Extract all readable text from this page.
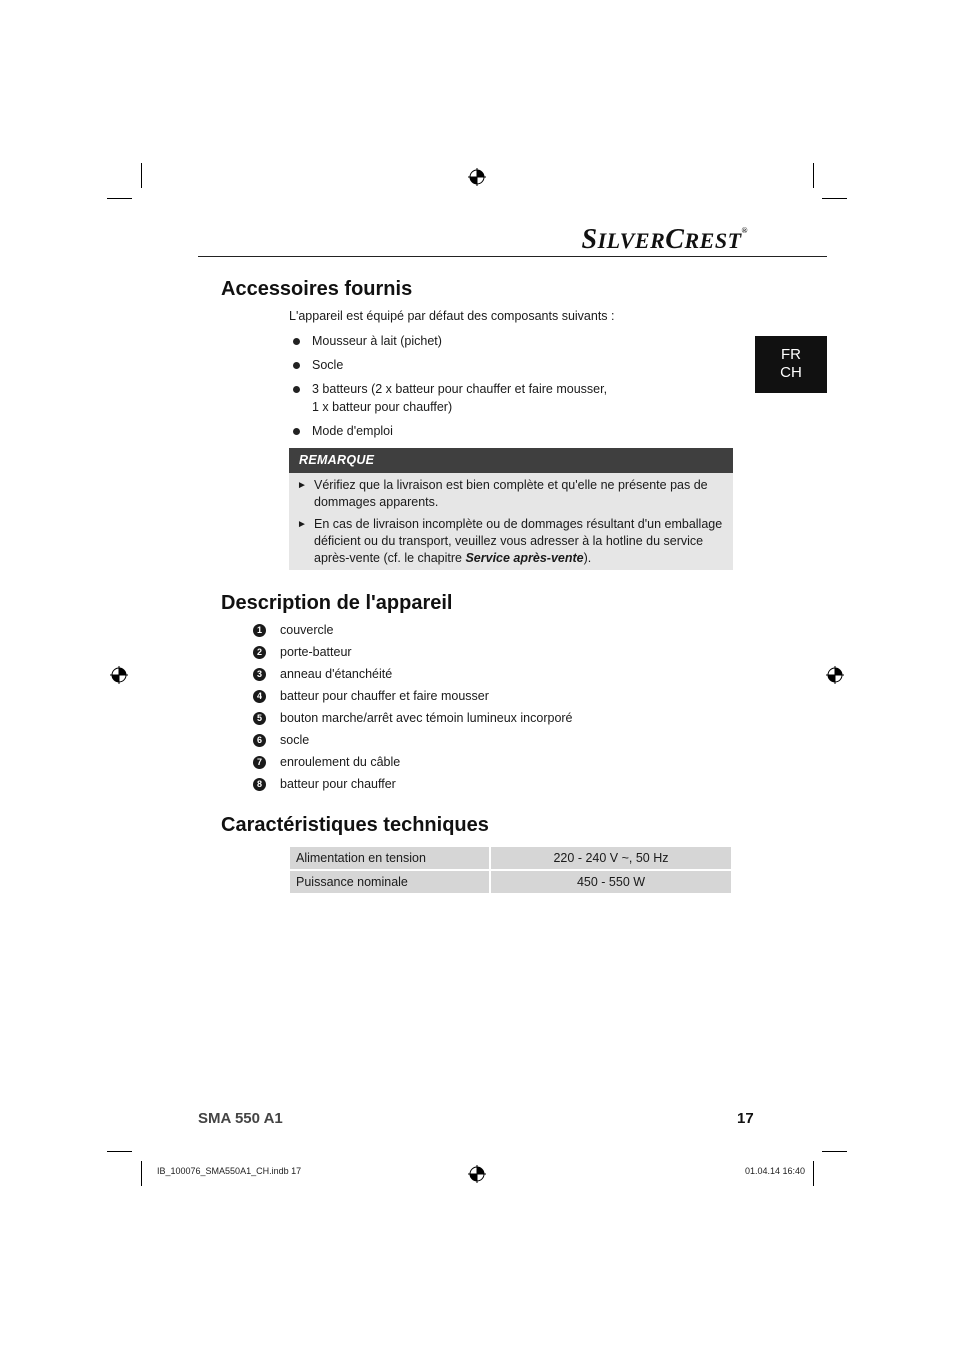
SILVERCREST®
FR
CH
Accessoires fournis
L'appareil est équipé par défaut des composants suivants :
Mousseur à lait (pichet)
Socle
3 batteurs (2 x batteur pour chauffer et faire mousser,
1 x batteur pour chauffer)
Mode d'emploi
REMARQUE
► Vérifiez que la livraison est bien complète et qu'elle ne présente pas de dommages apparents.
► En cas de livraison incomplète ou de dommages résultant d'un emballage déficient ou du transport, veuillez vous adresser à la hotline du service après-vente (cf. le chapitre Service après-vente).
Description de l'appareil
1	couvercle
2	porte-batteur
3	anneau d'étanchéité
4	batteur pour chauffer et faire mousser
5	bouton marche/arrêt avec témoin lumineux incorporé
6	socle
7	enroulement du câble
8	batteur pour chauffer
Caractéristiques techniques
Alimentation en tension	220 - 240 V ~, 50 Hz
Puissance nominale	450 - 550 W
SMA 550 A1	17
IB_100076_SMA550A1_CH.indb 17	01.04.14 16:40
